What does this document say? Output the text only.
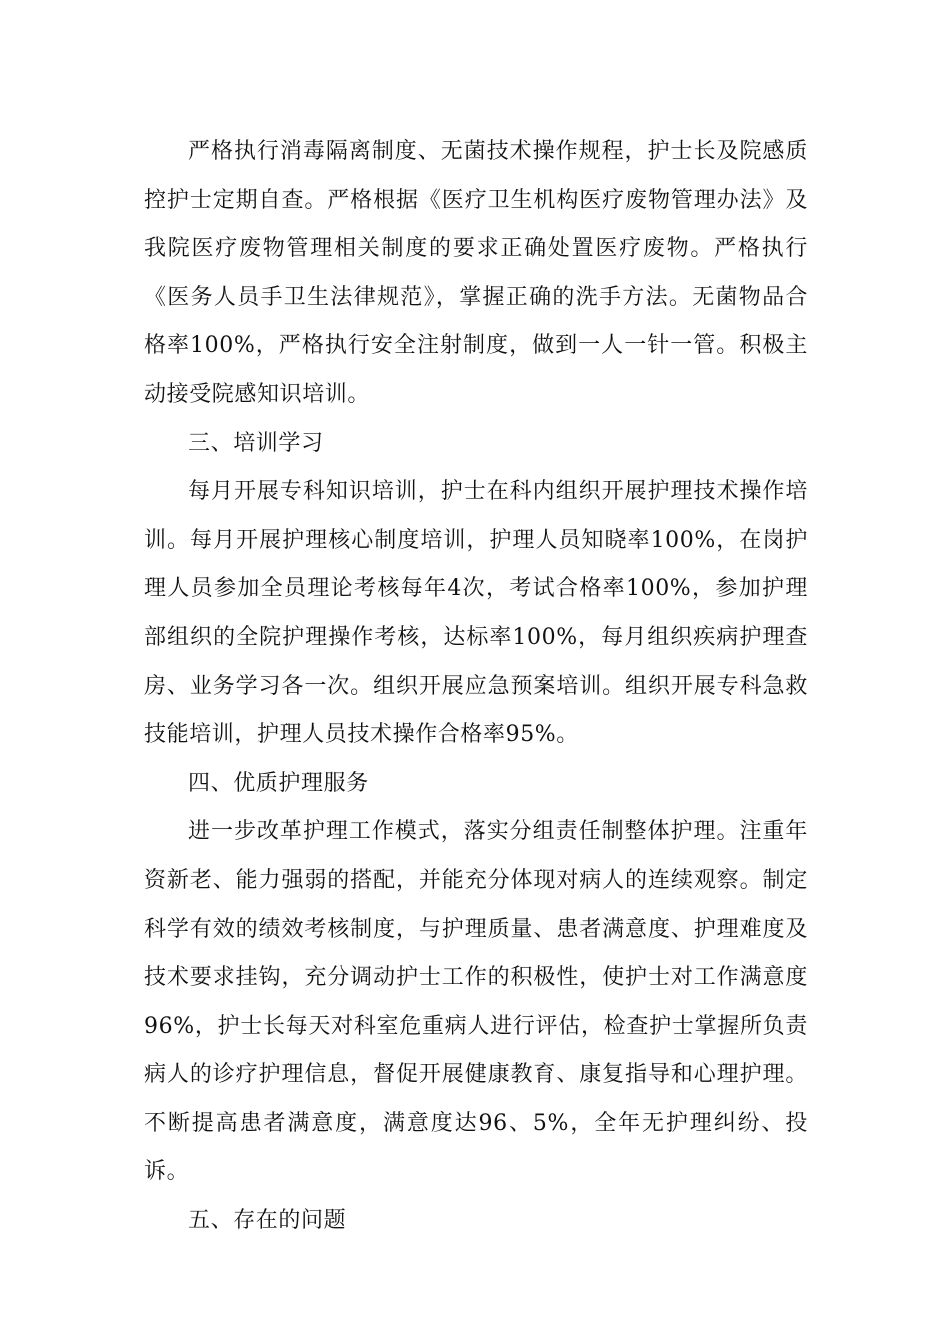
严格执行消毒隔离制度、无菌技术操作规程，护士长及院感质控护士定期自查。严格根据《医疗卫生机构医疗废物管理办法》及我院医疗废物管理相关制度的要求正确处置医疗废物。严格执行《医务人员手卫生法律规范》，掌握正确的洗手方法。无菌物品合格率100%，严格执行安全注射制度，做到一人一针一管。积极主动接受院感知识培训。

三、培训学习

每月开展专科知识培训，护士在科内组织开展护理技术操作培训。每月开展护理核心制度培训，护理人员知晓率100%，在岗护理人员参加全员理论考核每年4次，考试合格率100%，参加护理部组织的全院护理操作考核，达标率100%，每月组织疾病护理查房、业务学习各一次。组织开展应急预案培训。组织开展专科急救技能培训，护理人员技术操作合格率95%。

四、优质护理服务

进一步改革护理工作模式，落实分组责任制整体护理。注重年资新老、能力强弱的搭配，并能充分体现对病人的连续观察。制定科学有效的绩效考核制度，与护理质量、患者满意度、护理难度及技术要求挂钩，充分调动护士工作的积极性，使护士对工作满意度96%，护士长每天对科室危重病人进行评估，检查护士掌握所负责病人的诊疗护理信息，督促开展健康教育、康复指导和心理护理。不断提高患者满意度，满意度达96、5%，全年无护理纠纷、投诉。

五、存在的问题
